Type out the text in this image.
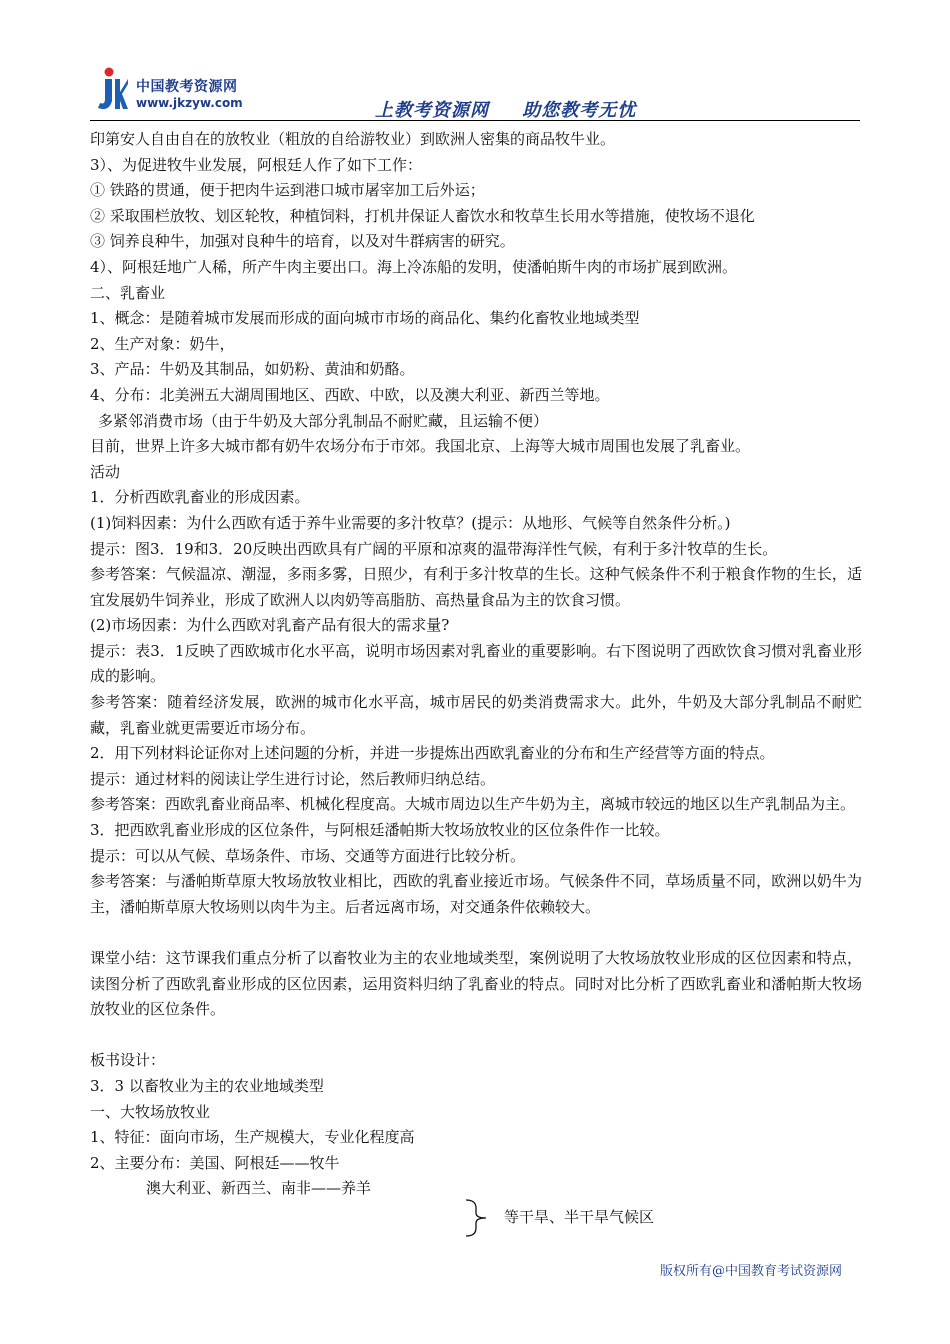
中国教考资源网
www.jkzyw.com	上教考资源网 助您教考无忧

印第安人自由自在的放牧业（粗放的自给游牧业）到欧洲人密集的商品牧牛业。

3）、为促进牧牛业发展，阿根廷人作了如下工作：

① 铁路的贯通，便于把肉牛运到港口城市屠宰加工后外运；

② 采取围栏放牧、划区轮牧，种植饲料，打机井保证人畜饮水和牧草生长用水等措施，使牧场不退化

③ 饲养良种牛，加强对良种牛的培育，以及对牛群病害的研究。

4）、阿根廷地广人稀，所产牛肉主要出口。海上冷冻船的发明，使潘帕斯牛肉的市场扩展到欧洲。

二、乳畜业

1、概念：是随着城市发展而形成的面向城市市场的商品化、集约化畜牧业地域类型

2、生产对象：奶牛，

3、产品：牛奶及其制品，如奶粉、黄油和奶酪。

4、分布：北美洲五大湖周围地区、西欧、中欧，以及澳大利亚、新西兰等地。

多紧邻消费市场（由于牛奶及大部分乳制品不耐贮藏，且运输不便）

目前，世界上许多大城市都有奶牛农场分布于市郊。我国北京、上海等大城市周围也发展了乳畜业。

活动

1．分析西欧乳畜业的形成因素。

(1)饲料因素：为什么西欧有适于养牛业需要的多汁牧草？(提示：从地形、气候等自然条件分析。)

提示：图3．19和3．20反映出西欧具有广阔的平原和凉爽的温带海洋性气候，有利于多汁牧草的生长。

参考答案：气候温凉、潮湿，多雨多雾，日照少，有利于多汁牧草的生长。这种气候条件不利于粮食作物的生长，适宜发展奶牛饲养业，形成了欧洲人以肉奶等高脂肪、高热量食品为主的饮食习惯。

(2)市场因素：为什么西欧对乳畜产品有很大的需求量?

提示：表3．1反映了西欧城市化水平高，说明市场因素对乳畜业的重要影响。右下图说明了西欧饮食习惯对乳畜业形成的影响。

参考答案：随着经济发展，欧洲的城市化水平高，城市居民的奶类消费需求大。此外，牛奶及大部分乳制品不耐贮藏，乳畜业就更需要近市场分布。

2．用下列材料论证你对上述问题的分析，并进一步提炼出西欧乳畜业的分布和生产经营等方面的特点。

提示：通过材料的阅读让学生进行讨论，然后教师归纳总结。

参考答案：西欧乳畜业商品率、机械化程度高。大城市周边以生产牛奶为主，离城市较远的地区以生产乳制品为主。

3．把西欧乳畜业形成的区位条件，与阿根廷潘帕斯大牧场放牧业的区位条件作一比较。

提示：可以从气候、草场条件、市场、交通等方面进行比较分析。

参考答案：与潘帕斯草原大牧场放牧业相比，西欧的乳畜业接近市场。气候条件不同，草场质量不同，欧洲以奶牛为主，潘帕斯草原大牧场则以肉牛为主。后者远离市场，对交通条件依赖较大。

课堂小结：这节课我们重点分析了以畜牧业为主的农业地域类型，案例说明了大牧场放牧业形成的区位因素和特点，读图分析了西欧乳畜业形成的区位因素，运用资料归纳了乳畜业的特点。同时对比分析了西欧乳畜业和潘帕斯大牧场放牧业的区位条件。

板书设计：

3．3 以畜牧业为主的农业地域类型

一、大牧场放牧业

1、特征：面向市场，生产规模大，专业化程度高

2、主要分布：美国、阿根廷——牧牛

澳大利亚、新西兰、南非——养羊

等干旱、半干旱气候区
版权所有@中国教育考试资源网
